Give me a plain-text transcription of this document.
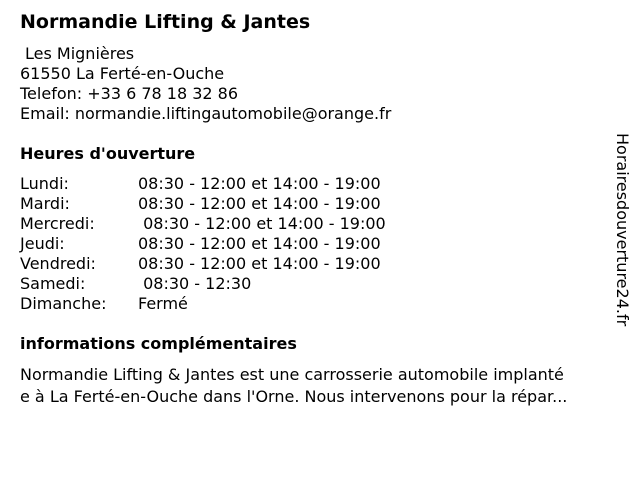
Normandie Lifting & Jantes
Les Mignières
61550 La Ferté-en-Ouche
Telefon: +33 6 78 18 32 86
Email: normandie.liftingautomobile@orange.fr
Heures d'ouverture
Lundi:	08:30 - 12:00 et 14:00 - 19:00
Mardi:	08:30 - 12:00 et 14:00 - 19:00
Mercredi:	08:30 - 12:00 et 14:00 - 19:00
Jeudi:	08:30 - 12:00 et 14:00 - 19:00
Vendredi:	08:30 - 12:00 et 14:00 - 19:00
Samedi:	08:30 - 12:30
Dimanche:	Fermé
informations complémentaires
Normandie Lifting & Jantes est une carrosserie automobile implanté
e à La Ferté-en-Ouche dans l'Orne. Nous intervenons pour la répar...
Horairesdouverture24.fr
